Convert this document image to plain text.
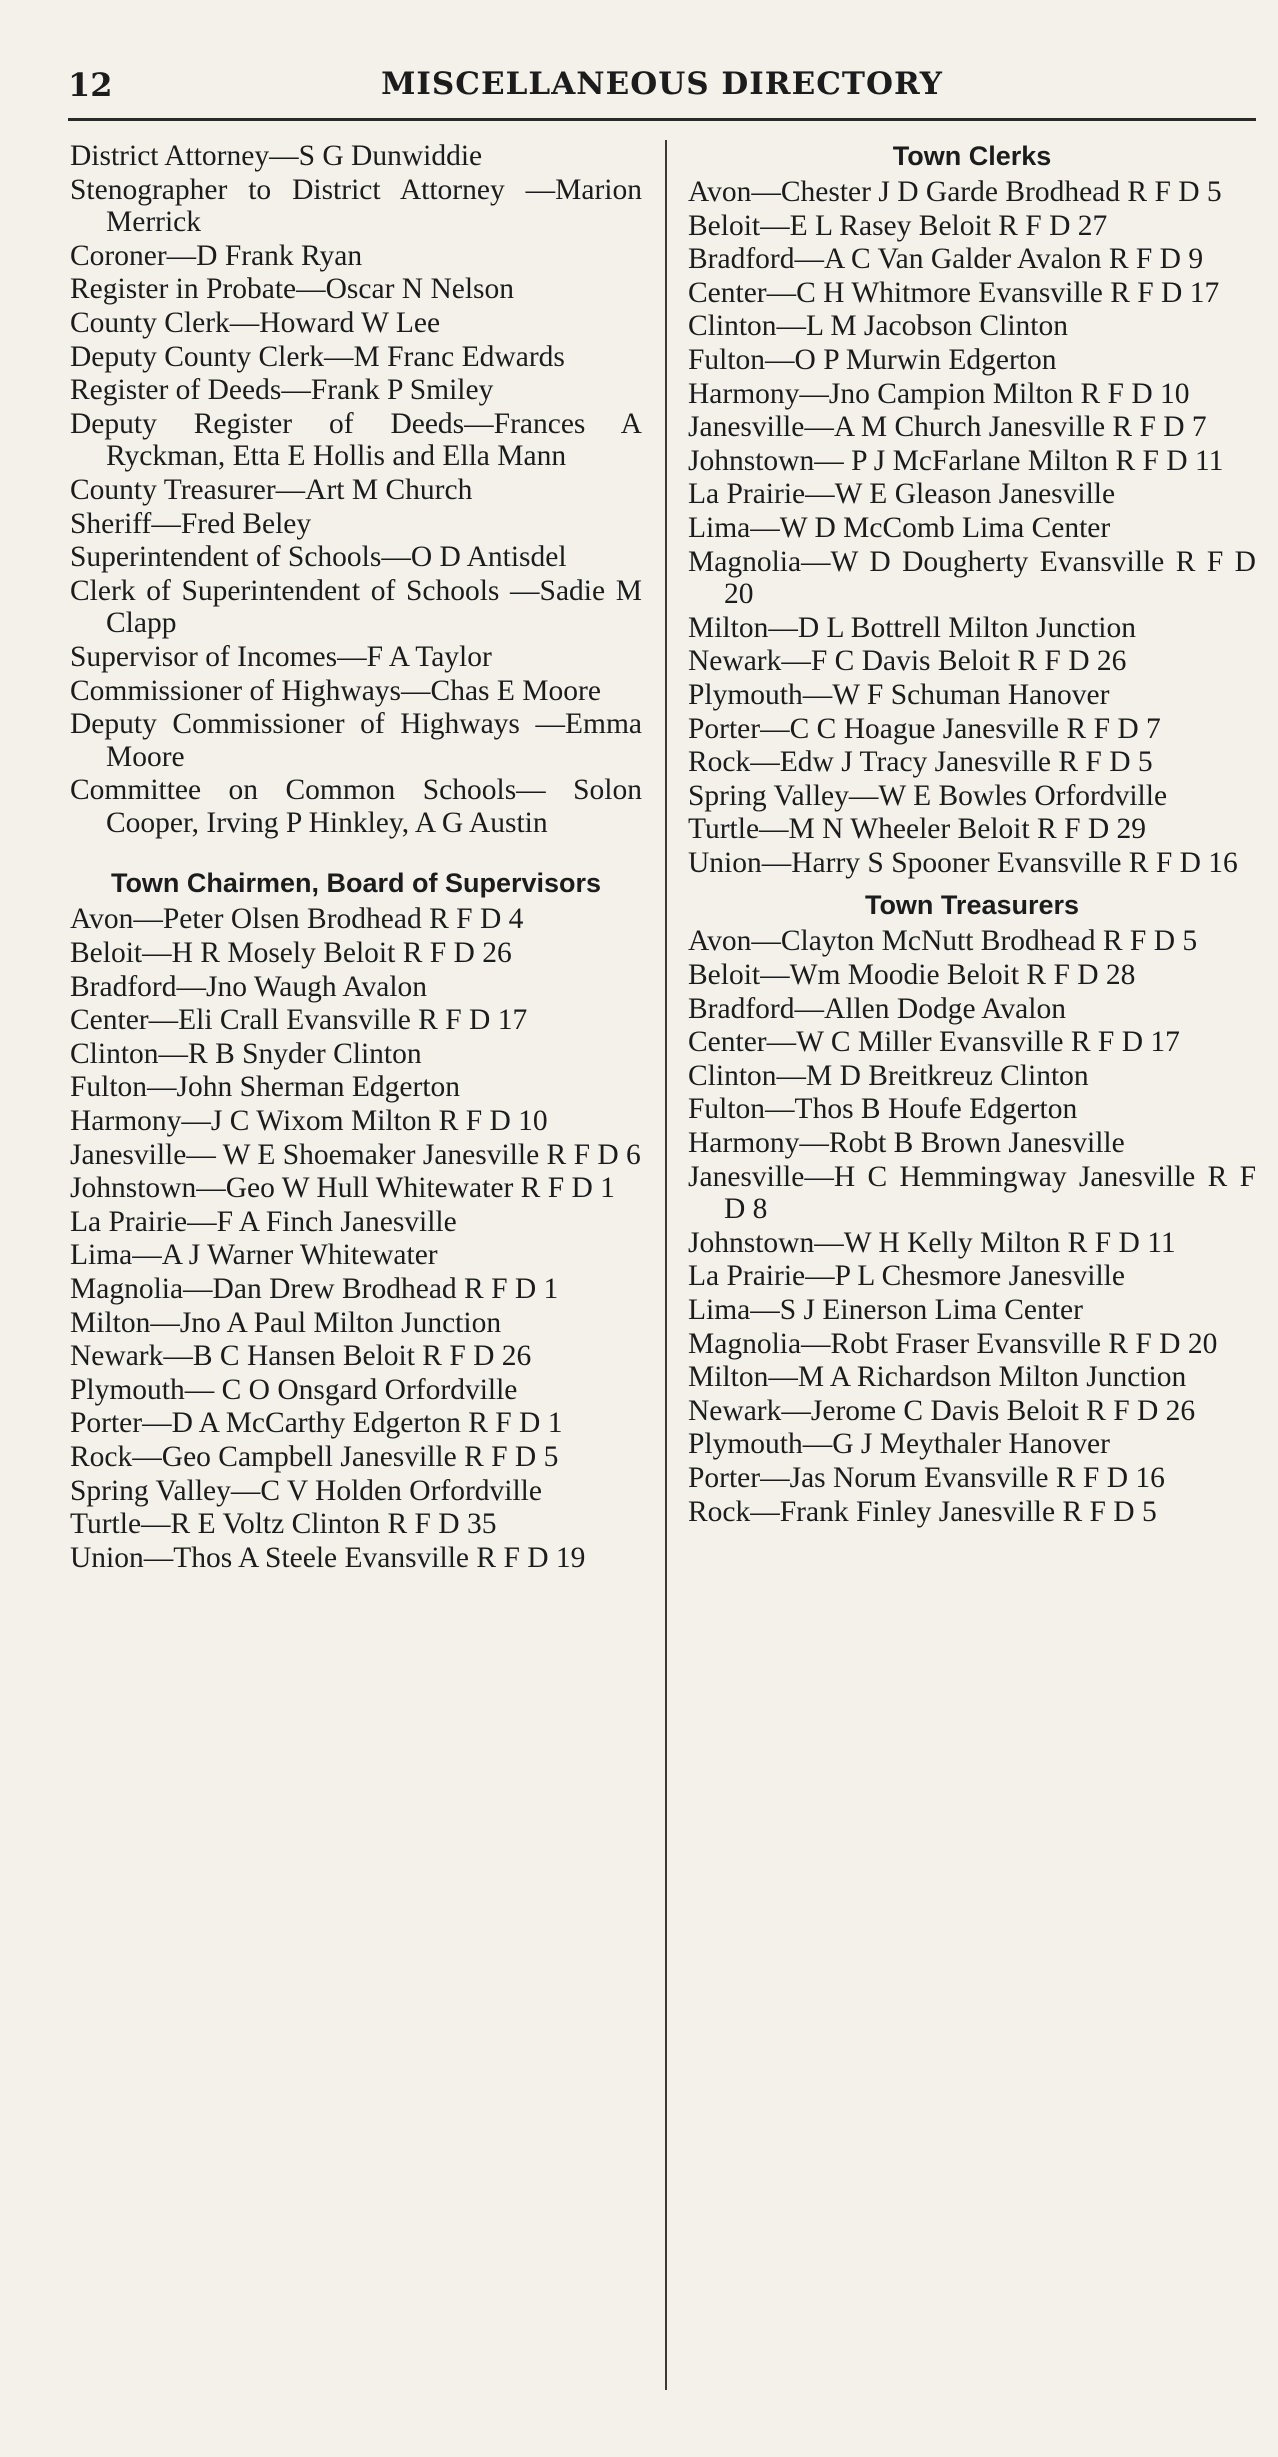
12	MISCELLANEOUS DIRECTORY

District Attorney—S G Dunwiddie

Stenographer to District Attorney —Marion Merrick

Coroner—D Frank Ryan

Register in Probate—Oscar N Nelson

County Clerk—Howard W Lee

Deputy County Clerk—M Franc Edwards

Register of Deeds—Frank P Smiley

Deputy Register of Deeds—Frances A Ryckman, Etta E Hollis and Ella Mann

County Treasurer—Art M Church

Sheriff—Fred Beley

Superintendent of Schools—O D Antisdel

Clerk of Superintendent of Schools —Sadie M Clapp

Supervisor of Incomes—F A Taylor

Commissioner of Highways—Chas E Moore

Deputy Commissioner of Highways —Emma Moore

Committee on Common Schools— Solon Cooper, Irving P Hinkley, A G Austin

Town Chairmen, Board of Supervisors

Avon—Peter Olsen Brodhead R F D 4

Beloit—H R Mosely Beloit R F D 26

Bradford—Jno Waugh Avalon

Center—Eli Crall Evansville R F D 17

Clinton—R B Snyder Clinton

Fulton—John Sherman Edgerton

Harmony—J C Wixom Milton R F D 10

Janesville— W E Shoemaker Janesville R F D 6

Johnstown—Geo W Hull Whitewater R F D 1

La Prairie—F A Finch Janesville

Lima—A J Warner Whitewater

Magnolia—Dan Drew Brodhead R F D 1

Milton—Jno A Paul Milton Junction

Newark—B C Hansen Beloit R F D 26

Plymouth— C O Onsgard Orfordville

Porter—D A McCarthy Edgerton R F D 1

Rock—Geo Campbell Janesville R F D 5

Spring Valley—C V Holden Orfordville

Turtle—R E Voltz Clinton R F D 35

Union—Thos A Steele Evansville R F D 19

Town Clerks

Avon—Chester J D Garde Brodhead R F D 5

Beloit—E L Rasey Beloit R F D 27

Bradford—A C Van Galder Avalon R F D 9

Center—C H Whitmore Evansville R F D 17

Clinton—L M Jacobson Clinton

Fulton—O P Murwin Edgerton

Harmony—Jno Campion Milton R F D 10

Janesville—A M Church Janesville R F D 7

Johnstown— P J McFarlane Milton R F D 11

La Prairie—W E Gleason Janesville

Lima—W D McComb Lima Center

Magnolia—W D Dougherty Evansville R F D 20

Milton—D L Bottrell Milton Junction

Newark—F C Davis Beloit R F D 26

Plymouth—W F Schuman Hanover

Porter—C C Hoague Janesville R F D 7

Rock—Edw J Tracy Janesville R F D 5

Spring Valley—W E Bowles Orfordville

Turtle—M N Wheeler Beloit R F D 29

Union—Harry S Spooner Evansville R F D 16

Town Treasurers

Avon—Clayton McNutt Brodhead R F D 5

Beloit—Wm Moodie Beloit R F D 28

Bradford—Allen Dodge Avalon

Center—W C Miller Evansville R F D 17

Clinton—M D Breitkreuz Clinton

Fulton—Thos B Houfe Edgerton

Harmony—Robt B Brown Janesville

Janesville—H C Hemmingway Janesville R F D 8

Johnstown—W H Kelly Milton R F D 11

La Prairie—P L Chesmore Janesville

Lima—S J Einerson Lima Center

Magnolia—Robt Fraser Evansville R F D 20

Milton—M A Richardson Milton Junction

Newark—Jerome C Davis Beloit R F D 26

Plymouth—G J Meythaler Hanover

Porter—Jas Norum Evansville R F D 16

Rock—Frank Finley Janesville R F D 5
